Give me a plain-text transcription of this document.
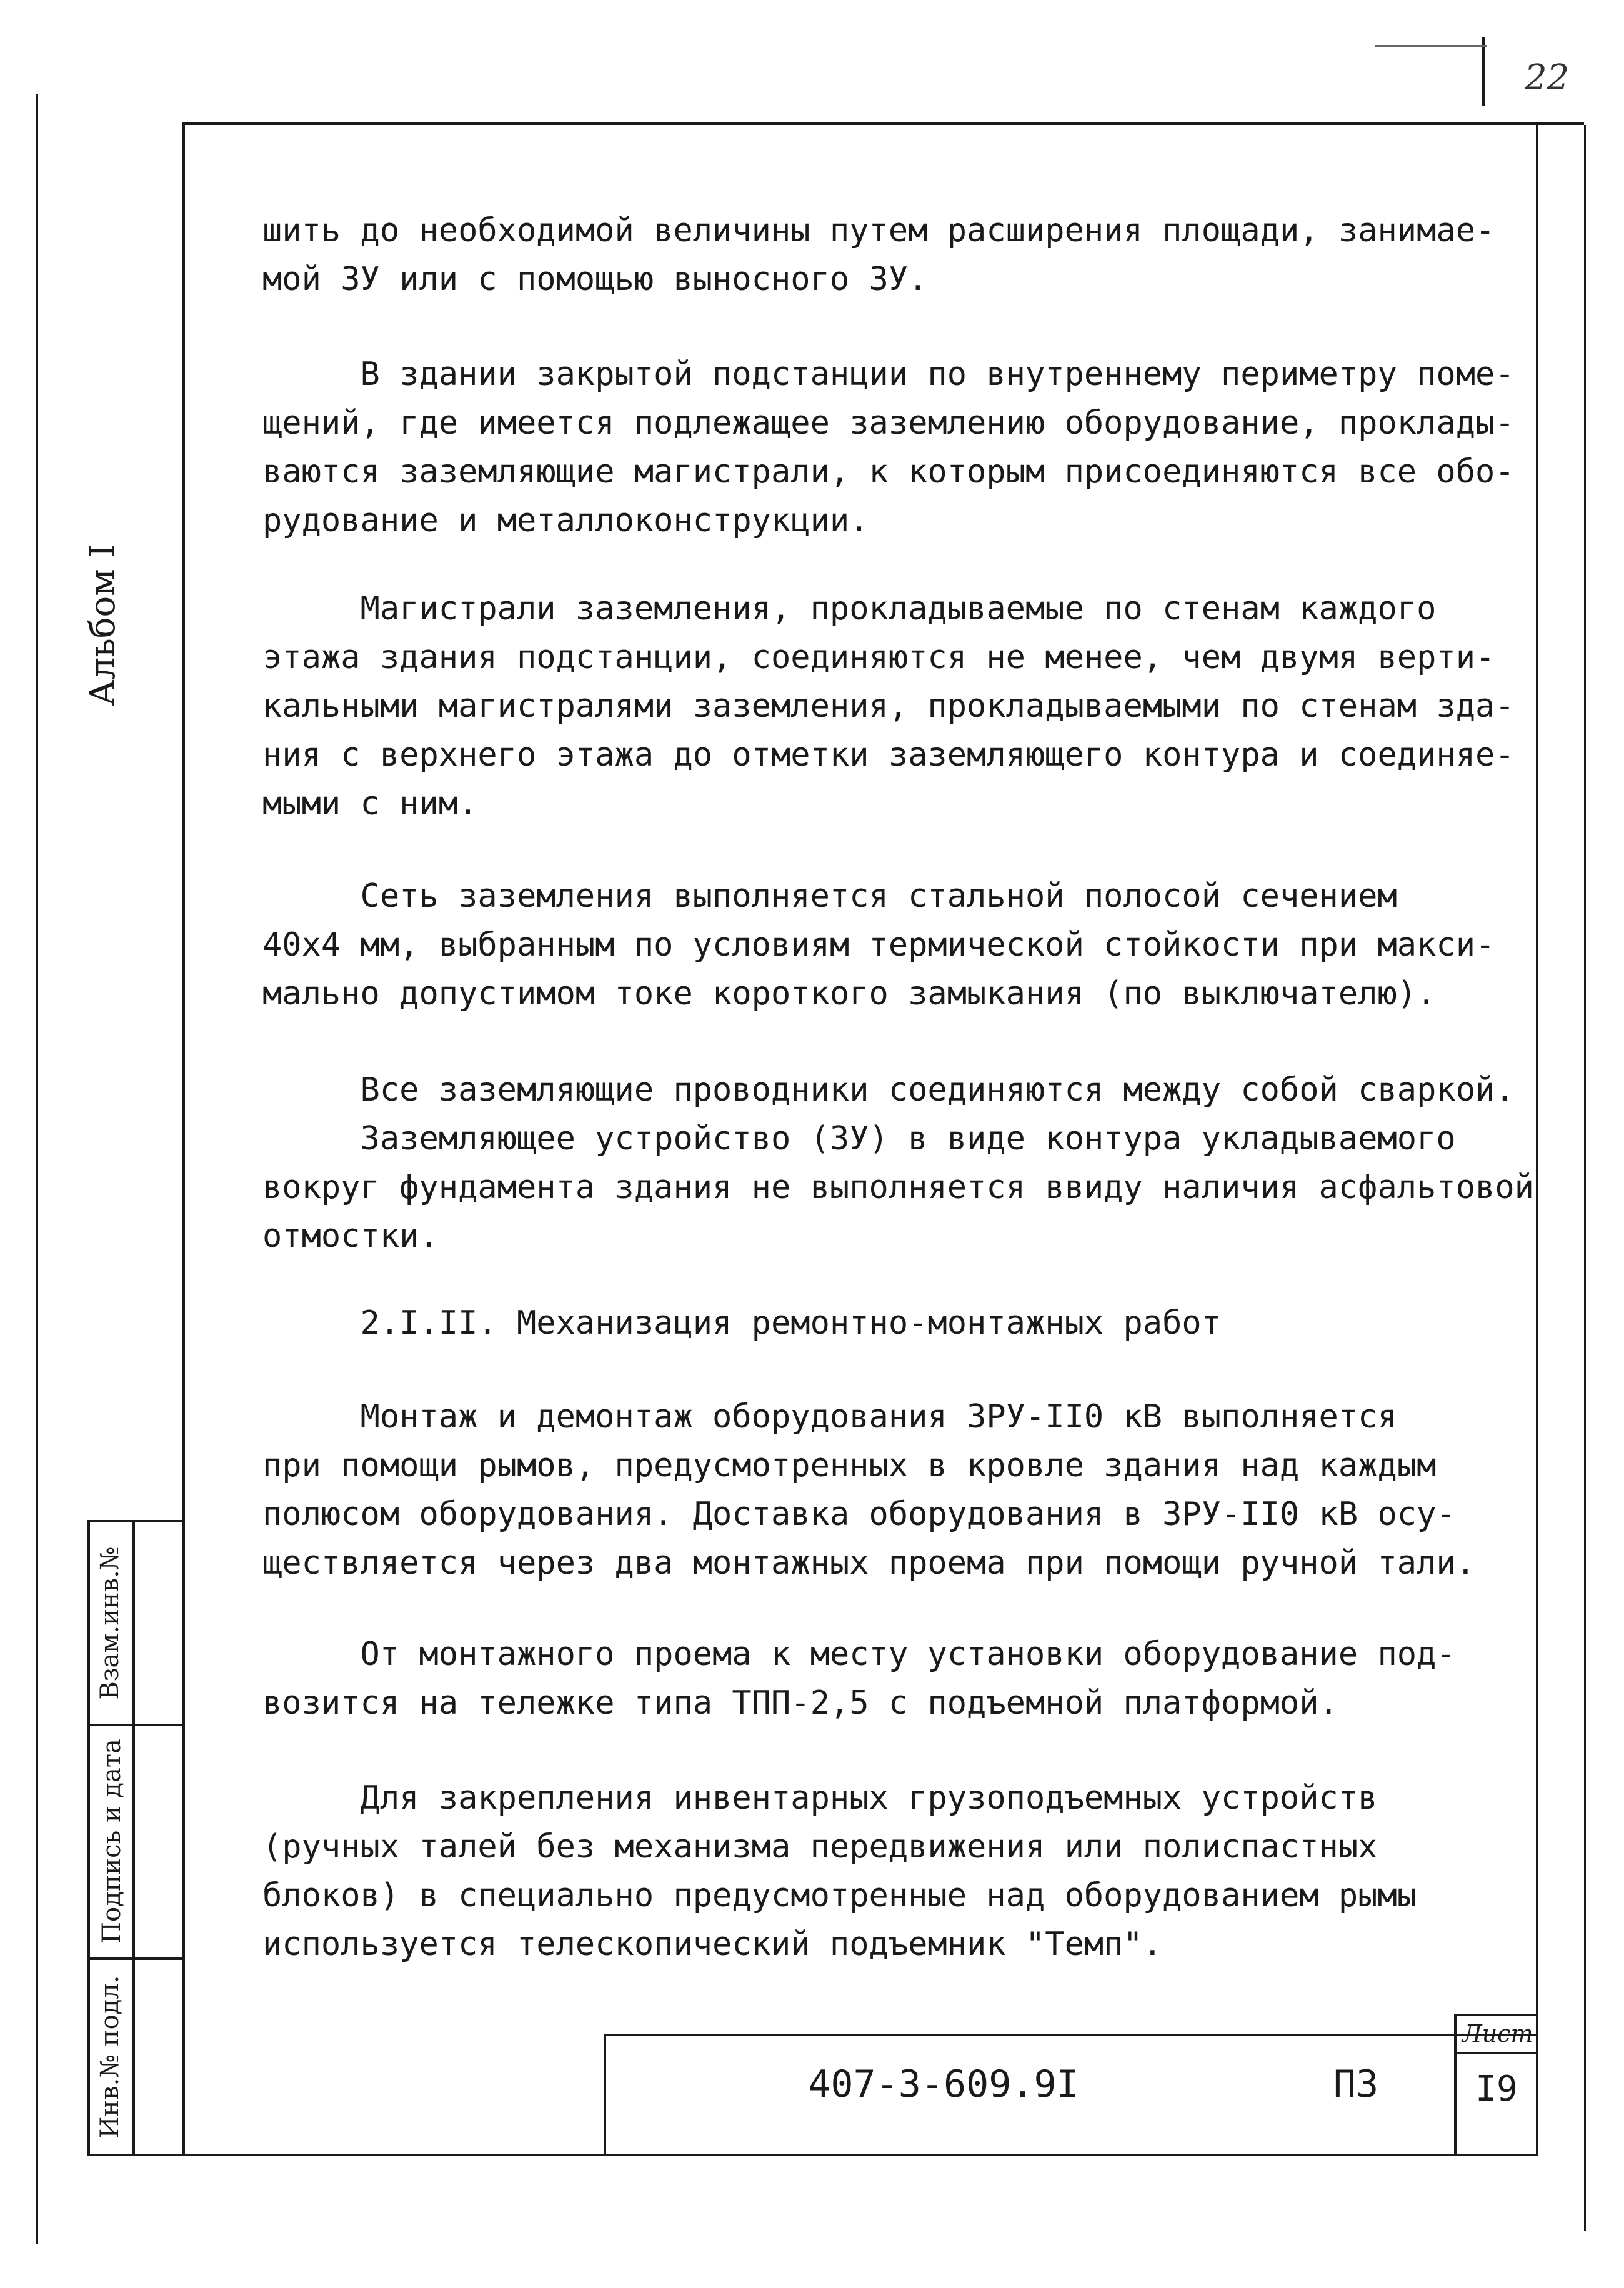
22
Альбом I
Взам.инв.№
Подпись и дата
Инв.№ подл.
шить до необходимой величины путем расширения площади, занимае-
мой ЗУ или с помощью выносного ЗУ.
В здании закрытой подстанции по внутреннему периметру поме-
щений, где имеется подлежащее заземлению оборудование, проклады-
ваются заземляющие магистрали, к которым присоединяются все обо-
рудование и металлоконструкции.
Магистрали заземления, прокладываемые по стенам каждого
этажа здания подстанции, соединяются не менее, чем двумя верти-
кальными магистралями заземления, прокладываемыми по стенам зда-
ния с верхнего этажа до отметки заземляющего контура и соединяе-
мыми с ним.
Сеть заземления выполняется стальной полосой сечением
40х4 мм, выбранным по условиям термической стойкости при макси-
мально допустимом токе короткого замыкания (по выключателю).
Все заземляющие проводники соединяются между собой сваркой.
Заземляющее устройство (ЗУ) в виде контура укладываемого
вокруг фундамента здания не выполняется ввиду наличия асфальтовой
отмостки.
2.I.II. Механизация ремонтно-монтажных работ
Монтаж и демонтаж оборудования ЗРУ-II0 кВ выполняется
при помощи рымов, предусмотренных в кровле здания над каждым
полюсом оборудования. Доставка оборудования в ЗРУ-II0 кВ осу-
ществляется через два монтажных проема при помощи ручной тали.
От монтажного проема к месту установки оборудование под-
возится на тележке типа ТПП-2,5 с подъемной платформой.
Для закрепления инвентарных грузоподъемных устройств
(ручных талей без механизма передвижения или полиспастных
блоков) в специально предусмотренные над оборудованием рымы
используется телескопический подъемник "Темп".
407-3-609.9I	ПЗ
Лист
I9
